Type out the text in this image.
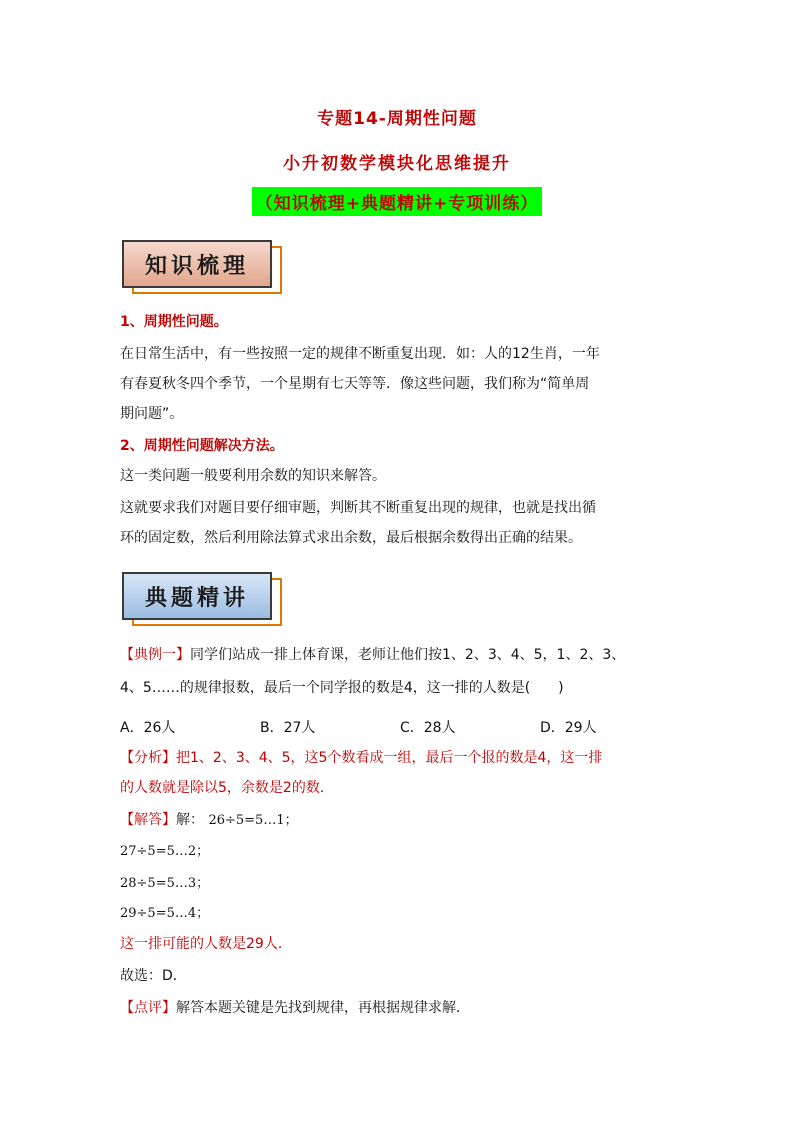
专题14-周期性问题
小升初数学模块化思维提升
（知识梳理+典题精讲+专项训练）
知识梳理
1、周期性问题。
在日常生活中，有一些按照一定的规律不断重复出现．如：人的12生肖，一年
有春夏秋冬四个季节，一个星期有七天等等．像这些问题，我们称为“简单周
期问题”。
2、周期性问题解决方法。
这一类问题一般要利用余数的知识来解答。
这就要求我们对题目要仔细审题，判断其不断重复出现的规律，也就是找出循
环的固定数，然后利用除法算式求出余数，最后根据余数得出正确的结果。
典题精讲
【典例一】同学们站成一排上体育课，老师让他们按1、2、3、4、5，1、2、3、
4、5……的规律报数，最后一个同学报的数是4，这一排的人数是(　　)
A．26人	B．27人	C．28人	D．29人
【分析】把1、2、3、4、5，这5个数看成一组，最后一个报的数是4，这一排
的人数就是除以5，余数是2的数．
【解答】解： 26÷5=5…1；
27÷5=5…2；
28÷5=5…3；
29÷5=5…4；
这一排可能的人数是29人．
故选：D．
【点评】解答本题关键是先找到规律，再根据规律求解．
